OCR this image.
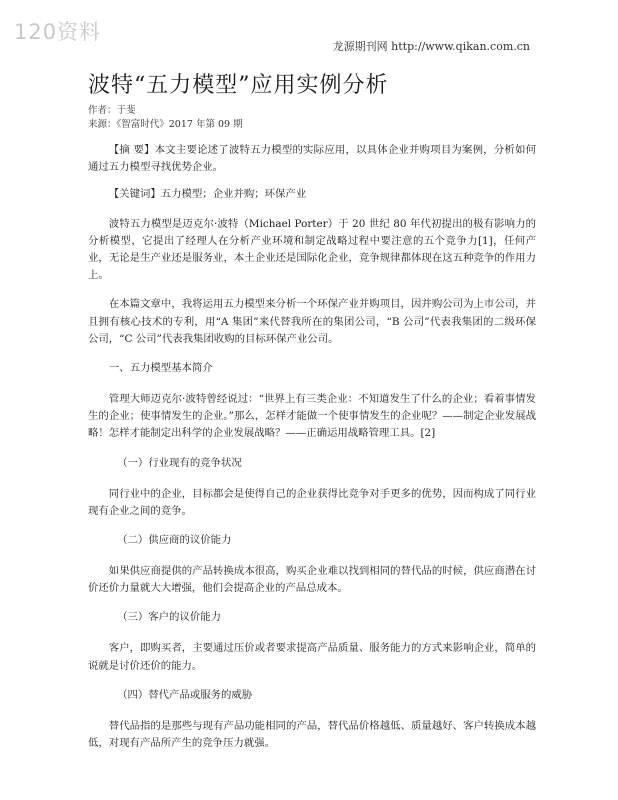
120资料
龙源期刊网 http://www.qikan.com.cn
波特“五力模型”应用实例分析
作者：于斐
来源：《智富时代》2017 年第 09 期

【摘 要】本文主要论述了波特五力模型的实际应用，以具体企业并购项目为案例，分析如何通过五力模型寻找优势企业。

【关键词】五力模型；企业并购；环保产业

波特五力模型是迈克尔·波特（Michael Porter）于 20 世纪 80 年代初提出的极有影响力的分析模型，它提出了经理人在分析产业环境和制定战略过程中要注意的五个竞争力[1]，任何产业，无论是生产业还是服务业，本土企业还是国际化企业，竞争规律都体现在这五种竞争的作用力上。

在本篇文章中，我将运用五力模型来分析一个环保产业并购项目，因并购公司为上市公司，并且拥有核心技术的专利，用“A 集团”来代替我所在的集团公司，“B 公司”代表我集团的二级环保公司，“C 公司”代表我集团收购的目标环保产业公司。

一、五力模型基本简介

管理大师迈克尔·波特曾经说过：“世界上有三类企业：不知道发生了什么的企业；看着事情发生的企业；使事情发生的企业。”那么，怎样才能做一个使事情发生的企业呢？——制定企业发展战略！怎样才能制定出科学的企业发展战略？——正确运用战略管理工具。[2]

（一）行业现有的竞争状况

同行业中的企业，目标都会是使得自己的企业获得比竞争对手更多的优势，因而构成了同行业现有企业之间的竞争。

（二）供应商的议价能力

如果供应商提供的产品转换成本很高，购买企业难以找到相同的替代品的时候，供应商潜在讨价还价力量就大大增强，他们会提高企业的产品总成本。

（三）客户的议价能力

客户，即购买者，主要通过压价或者要求提高产品质量、服务能力的方式来影响企业，简单的说就是讨价还价的能力。

（四）替代产品或服务的威胁

替代品指的是那些与现有产品功能相同的产品，替代品价格越低、质量越好、客户转换成本越低，对现有产品所产生的竞争压力就强。
